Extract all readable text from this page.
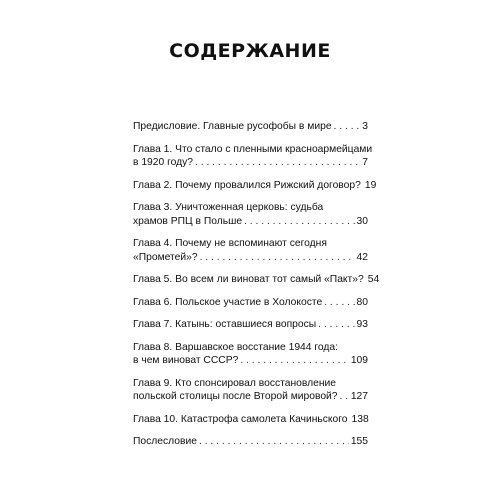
СОДЕРЖАНИЕ
Предисловие. Главные русофобы в мире . . .	3
Глава 1. Что стало с пленными красноармейцами
в 1920 году? . . .	7
Глава 2. Почему провалился Рижский договор? 19
Глава 3. Уничтоженная церковь: судьба
храмов РПЦ в Польше . . .	30
Глава 4. Почему не вспоминают сегодня
«Прометей»? . . .	42
Глава 5. Во всем ли виноват тот самый «Пакт»? 54
Глава 6. Польское участие в Холокосте . . .	80
Глава 7. Катынь: оставшиеся вопросы . . .	93
Глава 8. Варшавское восстание 1944 года:
в чем виноват СССР? . . .	109
Глава 9. Кто спонсировал восстановление
польской столицы после Второй мировой? . . . 127
Глава 10. Катастрофа самолета Качиньского 138
Послесловие . . .	155
